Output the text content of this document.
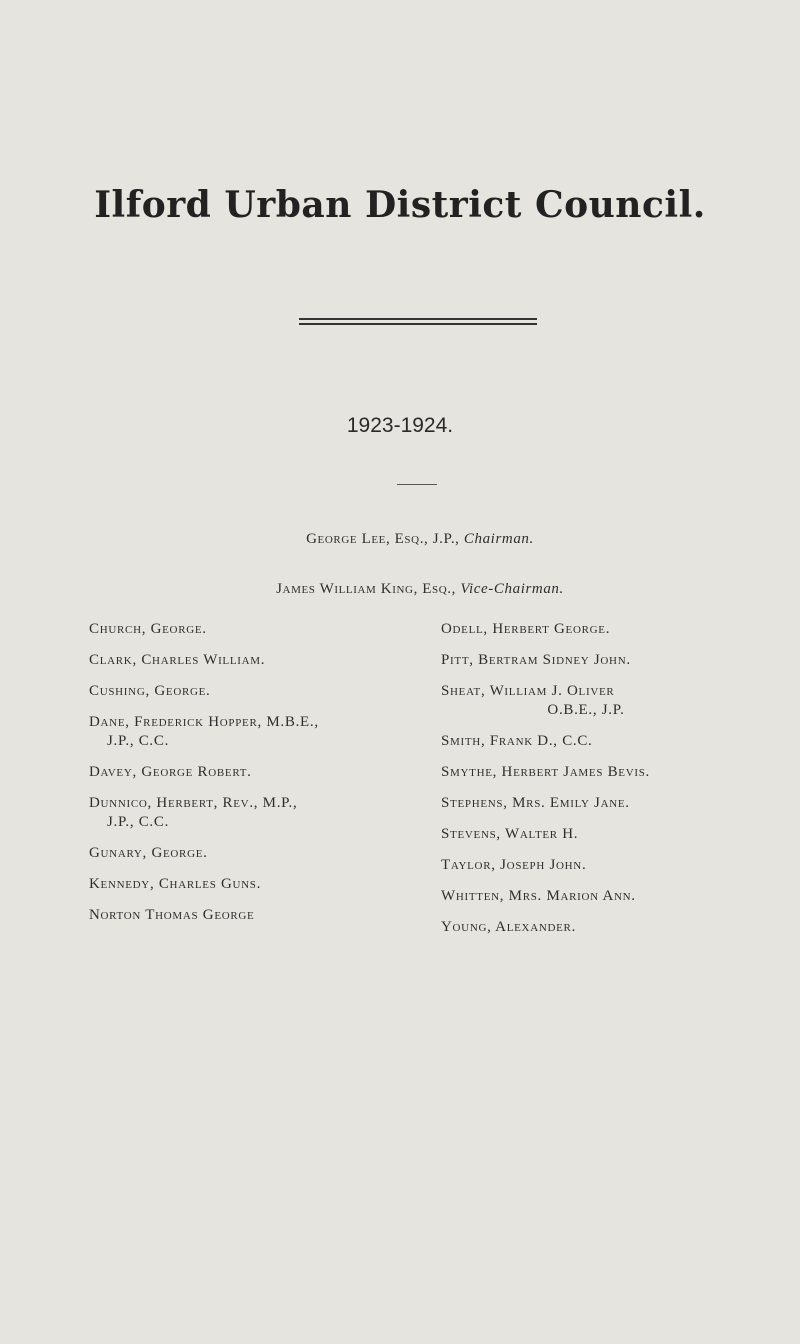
Ilford Urban District Council.
1923-1924.
George Lee, Esq., J.P., Chairman.
James William King, Esq., Vice-Chairman.
Church, George.
Clark, Charles William.
Cushing, George.
Dane, Frederick Hopper, M.B.E.,
J.P., C.C.
Davey, George Robert.
Dunnico, Herbert, Rev., M.P.,
J.P., C.C.
Gunary, George.
Kennedy, Charles Guns.
Norton Thomas George
Odell, Herbert George.
Pitt, Bertram Sidney John.
Sheat, William J. Oliver
O.B.E., J.P.
Smith, Frank D., C.C.
Smythe, Herbert James Bevis.
Stephens, Mrs. Emily Jane.
Stevens, Walter H.
Taylor, Joseph John.
Whitten, Mrs. Marion Ann.
Young, Alexander.
